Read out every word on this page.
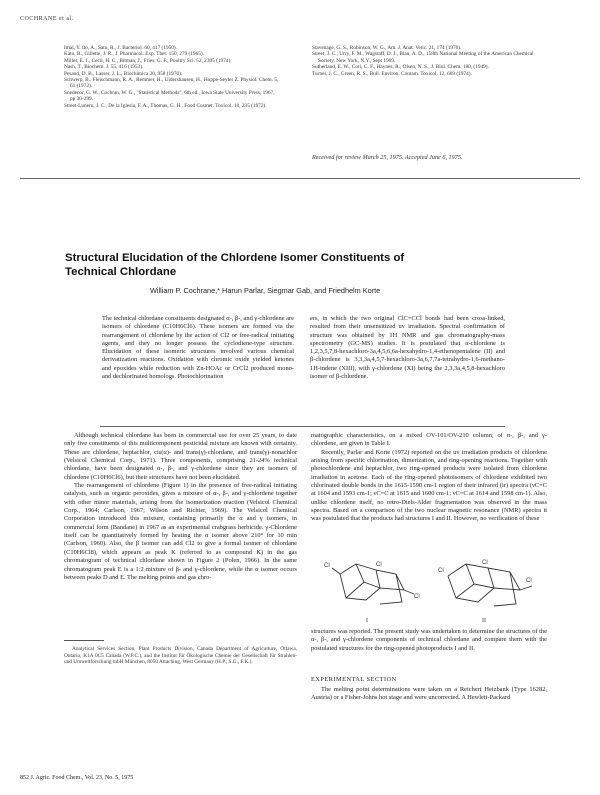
COCHRANE et al.
Imai, Y. Ito, A., Sato, R., J. Bacteriol. 60, 417 (1950).
Kato, R., Gillette, J. R., J. Pharmacol. Exp. Ther. 150, 279 (1965).
Miller, E. J., Cecil, H. C., Bitman, J., Fries, G. F., Poultry Sci. 52, 2305 (1974).
Nash, T., Biochem. J. 55, 416 (1953).
Pesaud, D. B., Lasser, J. L., Biochimica 20, 958 (1970).
Schwerp, B., Fleischmann, R. A., Remmer, H., Uldershausen, H., Hoppe-Seyler Z. Physiol. Chem. 5, 61 (1972).
Snedecor, G. W., Cochran, W. G., "Statistical Methods", 6th ed., Iowa State University Press, 1967, pp 30-299.
Street-Lunero, J. C., De la Iglesia, F. A., Thomas, G. H., Food Cosmet. Toxicol. 10, 235 (1972).
Stavenage, G. S., Robinson, W. G., Am. J. Anat. Vetic. 21, 174 (1970).
Street, J. C., Urry, F. M., Wagstaff, D. J., Blau, A. D., 158th National Meeting of the American Chemical Society, New York, N.Y., Sept 1969.
Sutherland, E. W., Cori, C. F., Haynes, R., Olsen, N. S., J. Biol. Chem. 180, (1949).
Turner, J. C., Green, R. S., Bull. Environ. Contam. Toxicol. 12, 669 (1974).
Received for review March 25, 1975. Accepted June 6, 1975.
Structural Elucidation of the Chlordene Isomer Constituents of
Technical Chlordane
William P. Cochrane,* Harun Parlar, Siegmar Gab, and Friedhelm Korte
The technical chlordane constituents designated α-, β-, and γ-chlordene are isomers of chlordene (C10H6Cl6). These isomers are formed via the rearrangement of chlordene by the action of Cl2 or free-radical initiating agents, and they no longer possess the cyclodiene-type structure. Elucidation of these isomeric structures involved various chemical derivatization reactions. Oxidation with chromic oxide yielded ketones and epoxides while reduction with Zn-HOAc or CrCl2 produced mono- and dechlorinated homologs. Photochlorination
ers, in which the two original ClC=CCl bonds had been cross-linked, resulted from their unsensitized uv irradiation. Spectral confirmation of structure was obtained by 1H NMR and gas chromatography-mass spectrometry (GC-MS) studies. It is postulated that α-chlordene is 1,2,3,5,7,8-hexachloro-3a,4,5,6,6a-hexahydro-1,4-ethenopentalene (II) and β-chlordene is 3,3,3a,4,5,7-hexachloro-3a,6,7,7a-tetrahydro-1,6-methano-1H-indene (XIII), with γ-chlordene (XI) being the 2,3,3a,4,5,8-hexachloro isomer of β-chlordene.

Although technical chlordane has been in commercial use for over 25 years, to date only five constituents of this multicomponent pesticidal mixture are known with certainty. These are chlordene, heptachlor, cis(α)- and trans(γ)-chlordane, and trans(γ)-nonachlor (Velsicol Chemical Corp., 1971). Three components, comprising 21-24% technical chlordane, have been designated α-, β-, and γ-chlordene since they are isomers of chlordene (C10H6Cl6), but their structures have not been elucidated.

The rearrangement of chlordene (Figure 1) in the presence of free-radical initiating catalysts, such as organic peroxides, gives a mixture of α-, β-, and γ-chlordene together with other minor materials, arising from the isomerization reaction (Velsicol Chemical Corp., 1964; Carlson, 1967; Wilson and Richter, 1969). The Velsicol Chemical Corporation introduced this mixture, containing primarily the α and γ isomers, in commercial form (Bandane) in 1967 as an experimental crabgrass herbicide. γ-Chlordene itself can be quantitatively formed by heating the α isomer above 210° for 10 min (Carlson, 1960). Also, the β isomer can add Cl2 to give a formal isomer of chlordane (C10H6Cl8), which appears as peak K (referred to as compound K) in the gas chromatogram of technical chlordane shown in Figure 2 (Polen, 1966). In the same chromatogram peak E is a 1:2 mixture of β- and γ-chlordene, while the α isomer occurs between peaks D and E. The melting points and gas chro-

Analytical Services Section, Plant Products Division, Canada Department of Agriculture, Ottawa, Ontario, K1A 0C5 Canada (W.P.C.), and the Institut für Ökologische Chemie der Gesellschaft für Strahlen- und Umweltforschung mbH München, 8050 Attaching, West Germany (H.P., S.G., F.K.).

matographic characteristics, on a mixed OV-101/OV-210 column, of α-, β-, and γ-chlordene, are given in Table I.

Recently, Parlar and Korte (1972) reported on the uv irradiation products of chlordene arising from specific chlorination, dimerization, and ring-opening reactions. Together with photochlordene and heptachlor, two ring-opened products were isolated from chlordene irradiation in acetone. Each of the ring-opened photoisomers of chlordene exhibited two chlorinated double bonds in the 1615-1590 cm-1 region of their infrared (ir) spectra (νC=C at 1604 and 1593 cm-1; νC=C at 1615 and 1600 cm-1; νC=C at 1614 and 1598 cm-1). Also, unlike chlordene itself, no retro-Diels-Alder fragmentation was observed in the mass spectra. Based on a comparison of the two nuclear magnetic resonance (NMR) spectra it was postulated that the products had structures I and II. However, no verification of these

Cl
Cl
Cl
I
Cl
Cl
Cl
II

structures was reported. The present study was undertaken to determine the structures of the α-, β-, and γ-chlordene components of technical chlordane and compare them with the postulated structures for the ring-opened photoproducts I and II.

EXPERIMENTAL SECTION

The melting point determinations were taken on a Reichert Heizbank (Type 16282, Austria) or a Fisher-Johns hot stage and were uncorrected. A Hewlett-Packard

852 J. Agric. Food Chem., Vol. 23, No. 5, 1975
